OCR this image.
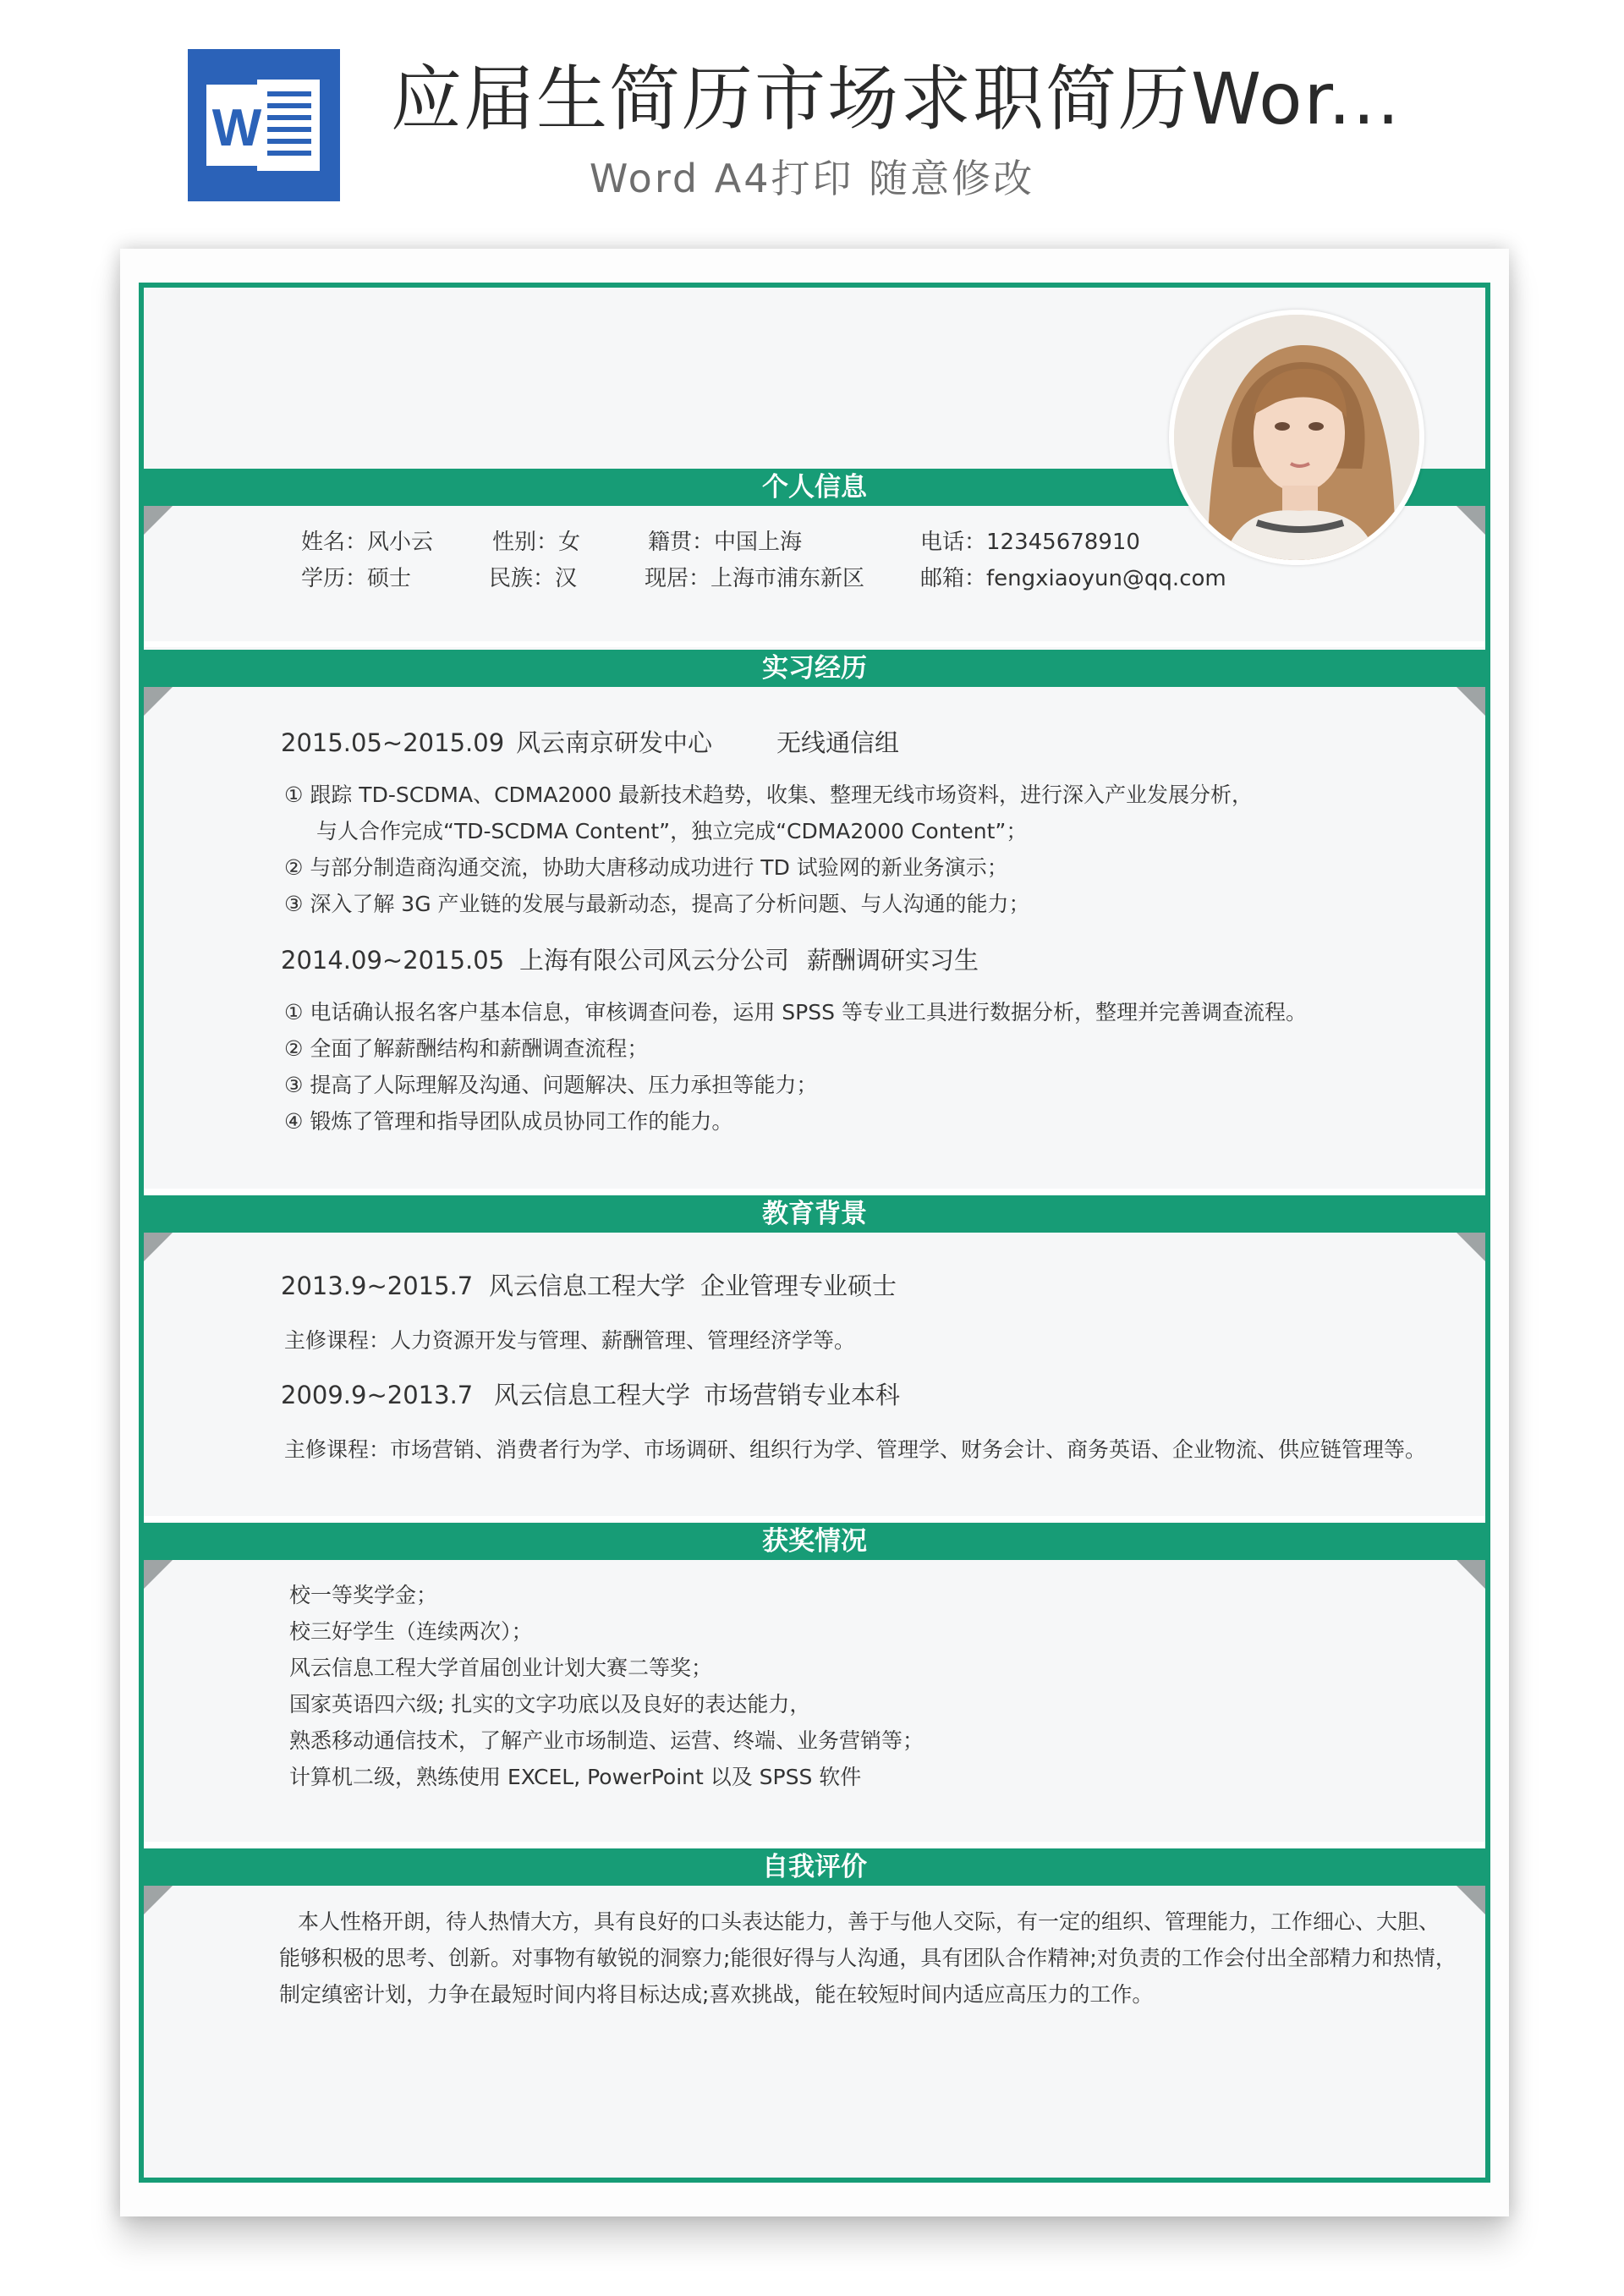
W 应届生简历市场求职简历Wor...
Word A4打印 随意修改
个人信息
实习经历
教育背景
获奖情况
自我评价
姓名：风小云	性别：女	籍贯：中国上海	电话：12345678910
学历：硕士	民族：汉	现居：上海市浦东新区	邮箱：fengxiaoyun@qq.com
2015.05~2015.09 风云南京研发中心	无线通信组
① 跟踪 TD-SCDMA、CDMA2000 最新技术趋势，收集、整理无线市场资料，进行深入产业发展分析，
与人合作完成“TD-SCDMA Content”，独立完成“CDMA2000 Content”；
② 与部分制造商沟通交流，协助大唐移动成功进行 TD 试验网的新业务演示；
③ 深入了解 3G 产业链的发展与最新动态，提高了分析问题、与人沟通的能力；
2014.09~2015.05 上海有限公司风云分公司 薪酬调研实习生
① 电话确认报名客户基本信息，审核调查问卷，运用 SPSS 等专业工具进行数据分析，整理并完善调查流程。
② 全面了解薪酬结构和薪酬调查流程；
③ 提高了人际理解及沟通、问题解决、压力承担等能力；
④ 锻炼了管理和指导团队成员协同工作的能力。
2013.9~2015.7 风云信息工程大学 企业管理专业硕士
主修课程：人力资源开发与管理、薪酬管理、管理经济学等。
2009.9~2013.7 风云信息工程大学 市场营销专业本科
主修课程：市场营销、消费者行为学、市场调研、组织行为学、管理学、财务会计、商务英语、企业物流、供应链管理等。
校一等奖学金；
校三好学生（连续两次）；
风云信息工程大学首届创业计划大赛二等奖；
国家英语四六级; 扎实的文字功底以及良好的表达能力，
熟悉移动通信技术，了解产业市场制造、运营、终端、业务营销等；
计算机二级，熟练使用 EXCEL, PowerPoint 以及 SPSS 软件
本人性格开朗，待人热情大方，具有良好的口头表达能力，善于与他人交际，有一定的组织、管理能力，工作细心、大胆、
能够积极的思考、创新。对事物有敏锐的洞察力;能很好得与人沟通，具有团队合作精神;对负责的工作会付出全部精力和热情，
制定缜密计划，力争在最短时间内将目标达成;喜欢挑战，能在较短时间内适应高压力的工作。
